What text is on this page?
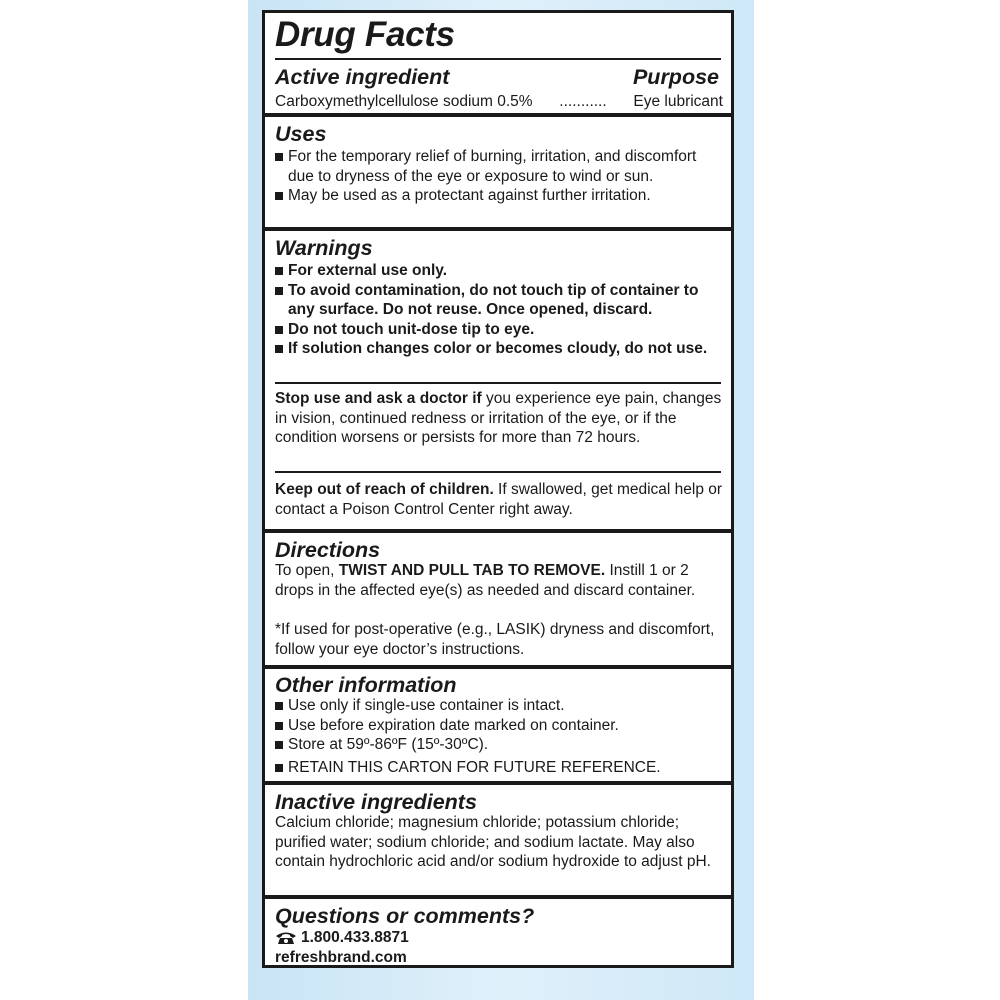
Drug Facts
Active ingredient	Purpose
Carboxymethylcellulose sodium 0.5% ........... Eye lubricant
Uses
For the temporary relief of burning, irritation, and discomfort due to dryness of the eye or exposure to wind or sun.
May be used as a protectant against further irritation.
Warnings
For external use only.
To avoid contamination, do not touch tip of container to any surface. Do not reuse. Once opened, discard.
Do not touch unit-dose tip to eye.
If solution changes color or becomes cloudy, do not use.
Stop use and ask a doctor if you experience eye pain, changes in vision, continued redness or irritation of the eye, or if the condition worsens or persists for more than 72 hours.
Keep out of reach of children. If swallowed, get medical help or contact a Poison Control Center right away.
Directions
To open, TWIST AND PULL TAB TO REMOVE. Instill 1 or 2 drops in the affected eye(s) as needed and discard container.
*If used for post-operative (e.g., LASIK) dryness and discomfort, follow your eye doctor’s instructions.
Other information
Use only if single-use container is intact.
Use before expiration date marked on container.
Store at 59º-86ºF (15º-30ºC).
RETAIN THIS CARTON FOR FUTURE REFERENCE.
Inactive ingredients
Calcium chloride; magnesium chloride; potassium chloride; purified water; sodium chloride; and sodium lactate. May also contain hydrochloric acid and/or sodium hydroxide to adjust pH.
Questions or comments?
1.800.433.8871
refreshbrand.com
